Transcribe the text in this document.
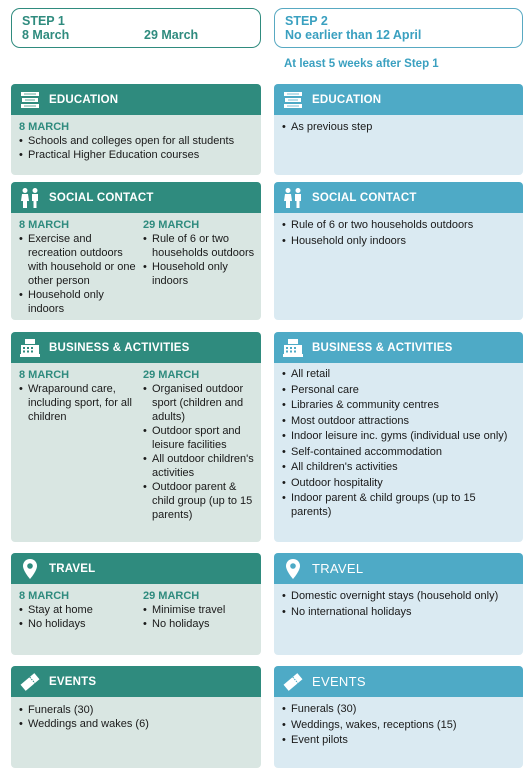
STEP 1
8 March	29 March
STEP 2
No earlier than 12 April
At least 5 weeks after Step 1
EDUCATION
8 MARCH
• Schools and colleges open for all students
• Practical Higher Education courses
EDUCATION
• As previous step
SOCIAL CONTACT
8 MARCH
• Exercise and recreation outdoors with household or one other person
• Household only indoors
29 MARCH
• Rule of 6 or two households outdoors
• Household only indoors
SOCIAL CONTACT
• Rule of 6 or two households outdoors
• Household only indoors
BUSINESS & ACTIVITIES
8 MARCH
• Wraparound care, including sport, for all children
29 MARCH
• Organised outdoor sport (children and adults)
• Outdoor sport and leisure facilities
• All outdoor children's activities
• Outdoor parent & child group (up to 15 parents)
BUSINESS & ACTIVITIES
• All retail
• Personal care
• Libraries & community centres
• Most outdoor attractions
• Indoor leisure inc. gyms (individual use only)
• Self-contained accommodation
• All children's activities
• Outdoor hospitality
• Indoor parent & child groups (up to 15 parents)
TRAVEL
8 MARCH
• Stay at home
• No holidays
29 MARCH
• Minimise travel
• No holidays
TRAVEL
• Domestic overnight stays (household only)
• No international holidays
EVENTS
• Funerals (30)
• Weddings and wakes (6)
EVENTS
• Funerals (30)
• Weddings, wakes, receptions (15)
• Event pilots
